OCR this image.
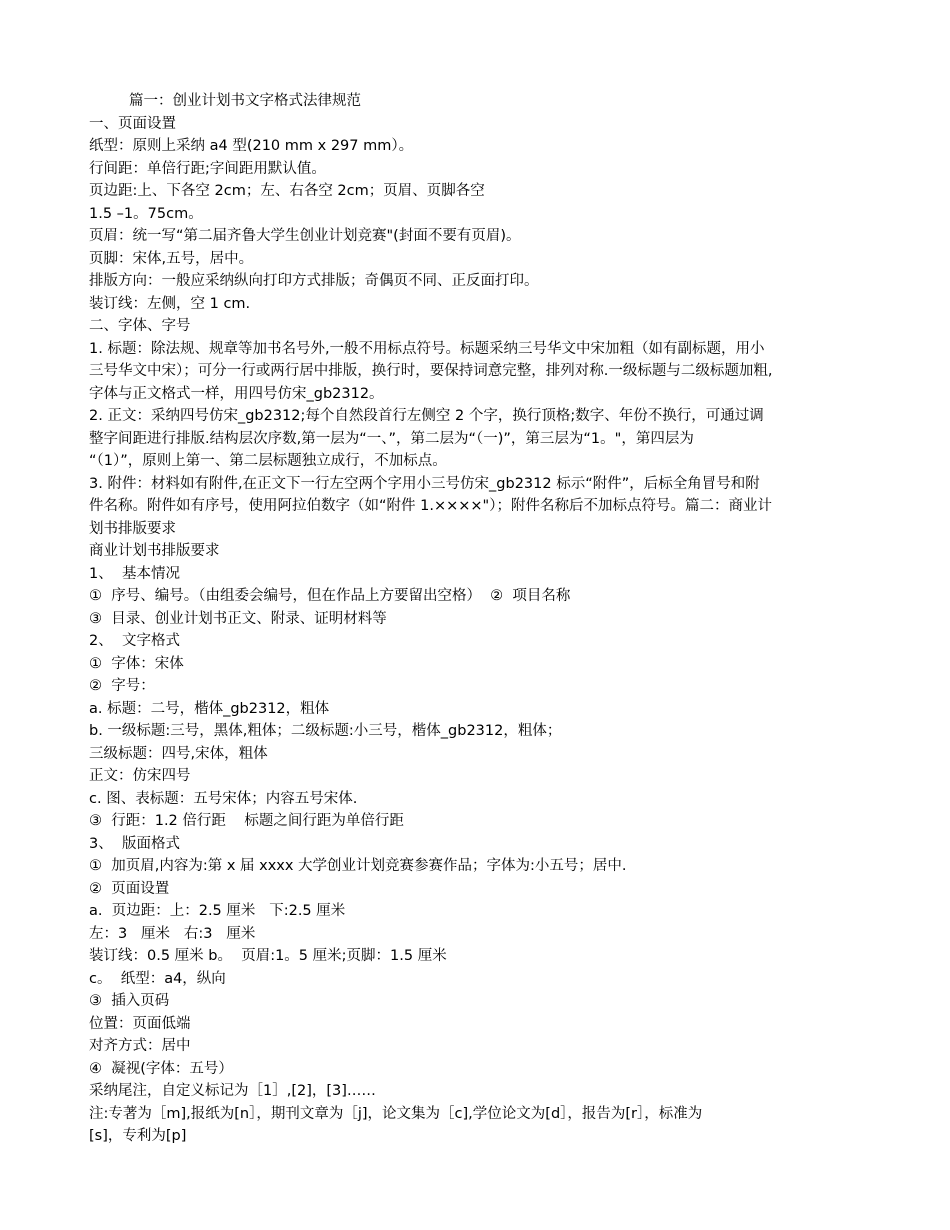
篇一：创业计划书文字格式法律规范
一、页面设置
纸型：原则上采纳 a4 型(210 mm x 297 mm）。
行间距：单倍行距;字间距用默认值。
页边距:上、下各空 2cm；左、右各空 2cm；页眉、页脚各空
1.5 –1。75cm。
页眉：统一写“第二届齐鲁大学生创业计划竞赛"(封面不要有页眉)。
页脚：宋体,五号，居中。
排版方向：一般应采纳纵向打印方式排版；奇偶页不同、正反面打印。
装订线：左侧，空 1 cm.
二、字体、字号
1. 标题：除法规、规章等加书名号外,一般不用标点符号。标题采纳三号华文中宋加粗（如有副标题，用小
三号华文中宋）；可分一行或两行居中排版，换行时，要保持词意完整，排列对称.一级标题与二级标题加粗,
字体与正文格式一样，用四号仿宋_gb2312。
2. 正文：采纳四号仿宋_gb2312;每个自然段首行左侧空 2 个字，换行顶格;数字、年份不换行，可通过调
整字间距进行排版.结构层次序数,第一层为“一、”，第二层为“（一)”，第三层为“1。"，第四层为
“（1）”，原则上第一、第二层标题独立成行，不加标点。
3. 附件：材料如有附件,在正文下一行左空两个字用小三号仿宋_gb2312 标示“附件”，后标全角冒号和附
件名称。附件如有序号，使用阿拉伯数字（如“附件 1.××××"）；附件名称后不加标点符号。篇二：商业计
划书排版要求
商业计划书排版要求
1、  基本情况
①  序号、编号。（由组委会编号，但在作品上方要留出空格）  ②  项目名称
③  目录、创业计划书正文、附录、证明材料等
2、  文字格式
①  字体：宋体
②  字号：
a. 标题：二号，楷体_gb2312，粗体
b. 一级标题:三号，黑体,粗体；二级标题:小三号，楷体_gb2312，粗体；
三级标题：四号,宋体，粗体
正文：仿宋四号
c. 图、表标题：五号宋体；内容五号宋体.
③  行距：1.2 倍行距    标题之间行距为单倍行距
3、  版面格式
①  加页眉,内容为:第 x 届 xxxx 大学创业计划竞赛参赛作品；字体为:小五号；居中.
②  页面设置
a.  页边距：上：2.5 厘米   下:2.5 厘米
左：3   厘米   右:3   厘米
装订线：0.5 厘米 b。  页眉:1。5 厘米;页脚：1.5 厘米
c。  纸型：a4，纵向
③  插入页码
位置：页面低端
对齐方式：居中
④  凝视(字体：五号）
采纳尾注，自定义标记为［1］,[2]，[3]……
注:专著为［m],报纸为[n］，期刊文章为［j]，论文集为［c],学位论文为[d］，报告为[r］，标准为
[s]，专利为[p]
